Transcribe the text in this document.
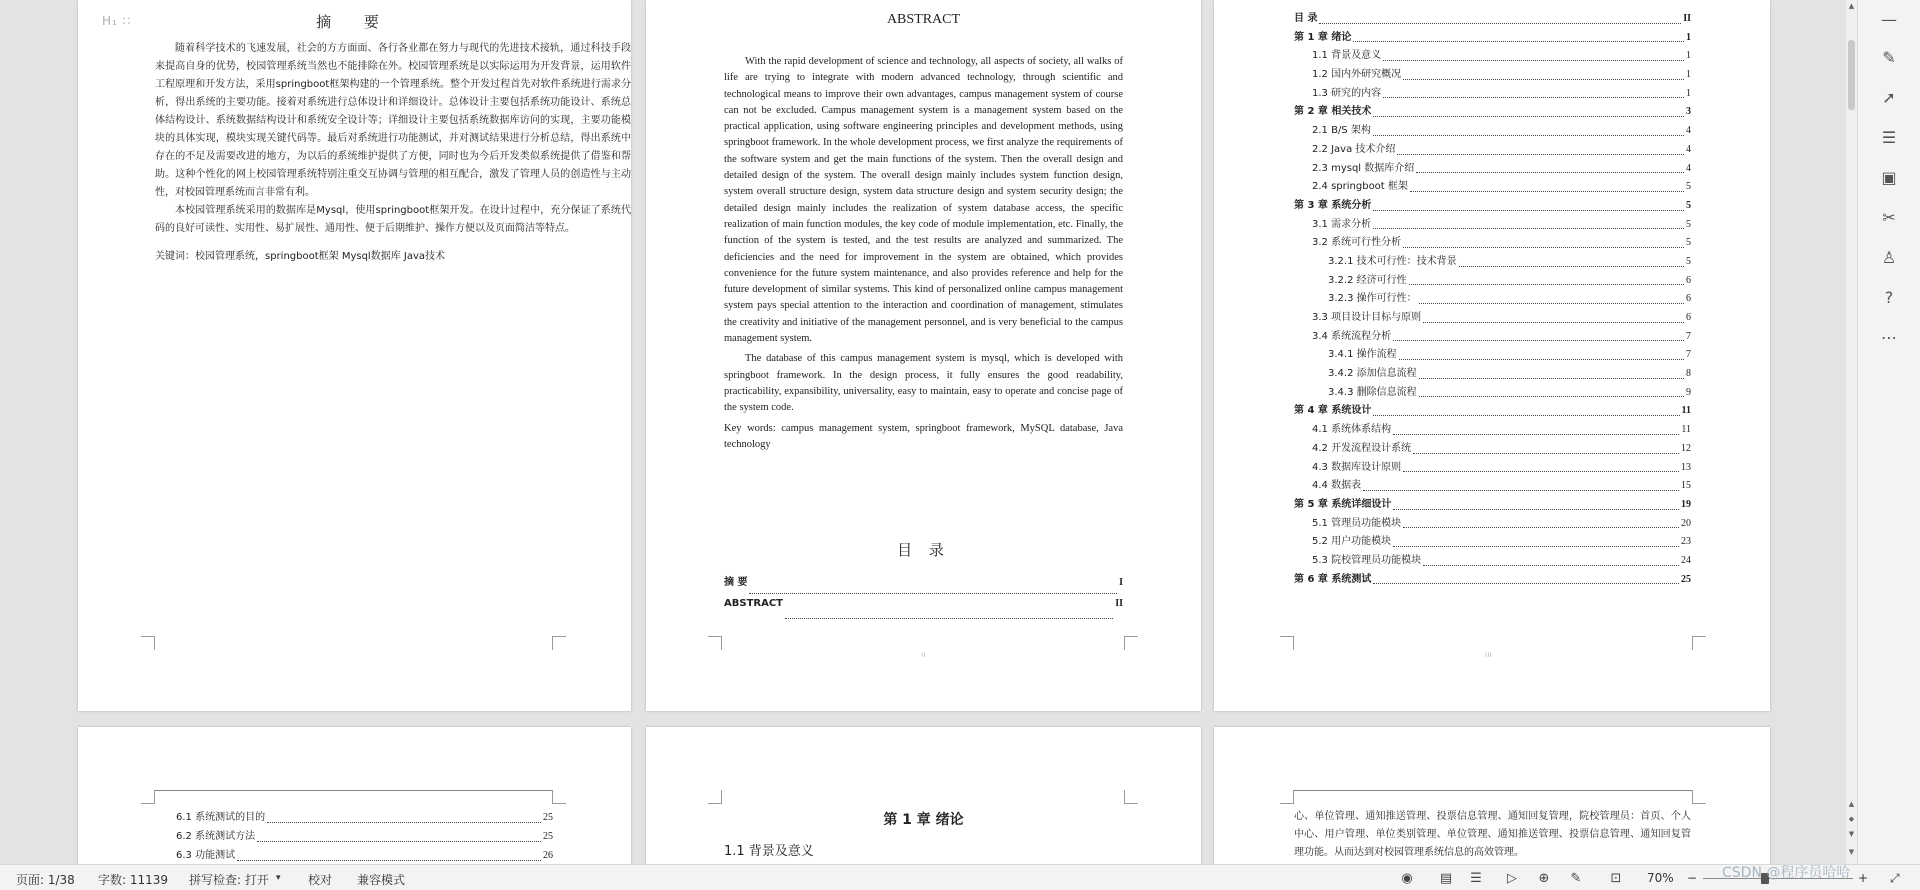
H₁ ∷	摘 要

随着科学技术的飞速发展，社会的方方面面、各行各业都在努力与现代的先进技术接轨，通过科技手段来提高自身的优势，校园管理系统当然也不能排除在外。校园管理系统是以实际运用为开发背景，运用软件工程原理和开发方法，采用springboot框架构建的一个管理系统。整个开发过程首先对软件系统进行需求分析，得出系统的主要功能。接着对系统进行总体设计和详细设计。总体设计主要包括系统功能设计、系统总体结构设计、系统数据结构设计和系统安全设计等；详细设计主要包括系统数据库访问的实现，主要功能模块的具体实现，模块实现关键代码等。最后对系统进行功能测试，并对测试结果进行分析总结，得出系统中存在的不足及需要改进的地方，为以后的系统维护提供了方便，同时也为今后开发类似系统提供了借鉴和帮助。这种个性化的网上校园管理系统特别注重交互协调与管理的相互配合，激发了管理人员的创造性与主动性，对校园管理系统而言非常有利。

本校园管理系统采用的数据库是Mysql，使用springboot框架开发。在设计过程中，充分保证了系统代码的良好可读性、实用性、易扩展性、通用性、便于后期维护、操作方便以及页面简洁等特点。

关键词：校园管理系统，springboot框架 Mysql数据库 Java技术

ABSTRACT

With the rapid development of science and technology, all aspects of society, all walks of life are trying to integrate with modern advanced technology, through scientific and technological means to improve their own advantages, campus management system of course can not be excluded. Campus management system is a management system based on the practical application, using software engineering principles and development methods, using springboot framework. In the whole development process, we first analyze the requirements of the software system and get the main functions of the system. Then the overall design and detailed design of the system. The overall design mainly includes system function design, system overall structure design, system data structure design and system security design; the detailed design mainly includes the realization of system database access, the specific realization of main function modules, the key code of module implementation, etc. Finally, the function of the system is tested, and the test results are analyzed and summarized. The deficiencies and the need for improvement in the system are obtained, which provides convenience for the future system maintenance, and also provides reference and help for the future development of similar systems. This kind of personalized online campus management system pays special attention to the interaction and coordination of management, stimulates the creativity and initiative of the management personnel, and is very beneficial to the campus management system.

The database of this campus management system is mysql, which is developed with springboot framework. In the design process, it fully ensures the good readability, practicability, expansibility, universality, easy to maintain, easy to operate and concise page of the system code.

Key words: campus management system, springboot framework, MySQL database, Java technology

目 录
摘 要	I
ABSTRACT	II
ıı
目 录	II
第 1 章 绪论	1
1.1 背景及意义	1
1.2 国内外研究概况	1
1.3 研究的内容	1
第 2 章 相关技术	3
2.1 B/S 架构	4
2.2 Java 技术介绍	4
2.3 mysql 数据库介绍	4
2.4 springboot 框架	5
第 3 章 系统分析	5
3.1 需求分析	5
3.2 系统可行性分析	5
3.2.1 技术可行性：技术背景	5
3.2.2 经济可行性	6
3.2.3 操作可行性：	6
3.3 项目设计目标与原则	6
3.4 系统流程分析	7
3.4.1 操作流程	7
3.4.2 添加信息流程	8
3.4.3 删除信息流程	9
第 4 章 系统设计	11
4.1 系统体系结构	11
4.2 开发流程设计系统	12
4.3 数据库设计原则	13
4.4 数据表	15
第 5 章 系统详细设计	19
5.1 管理员功能模块	20
5.2 用户功能模块	23
5.3 院校管理员功能模块	24
第 6 章 系统测试	25
ııı
6.1 系统测试的目的	25
6.2 系统测试方法	25
6.3 功能测试	26
第 1 章 绪论
1.1 背景及意义
心、单位管理、通知推送管理、投票信息管理、通知回复管理，院校管理员：首页、个人中心、用户管理、单位类别管理、单位管理、通知推送管理、投票信息管理、通知回复管理功能。从而达到对校园管理系统信息的高效管理。
▲
▲
◆
▼
▼
—
✎
➚
☰
▣
✂
♙
?
⋯
页面: 1/38 字数: 11139 拼写检查: 打开 ▾ 校对 兼容模式	◉ ▤ ☰	▷	⊕ ✎ ⊡ 70% −	+ ⤢
CSDN @程序员哈哈
